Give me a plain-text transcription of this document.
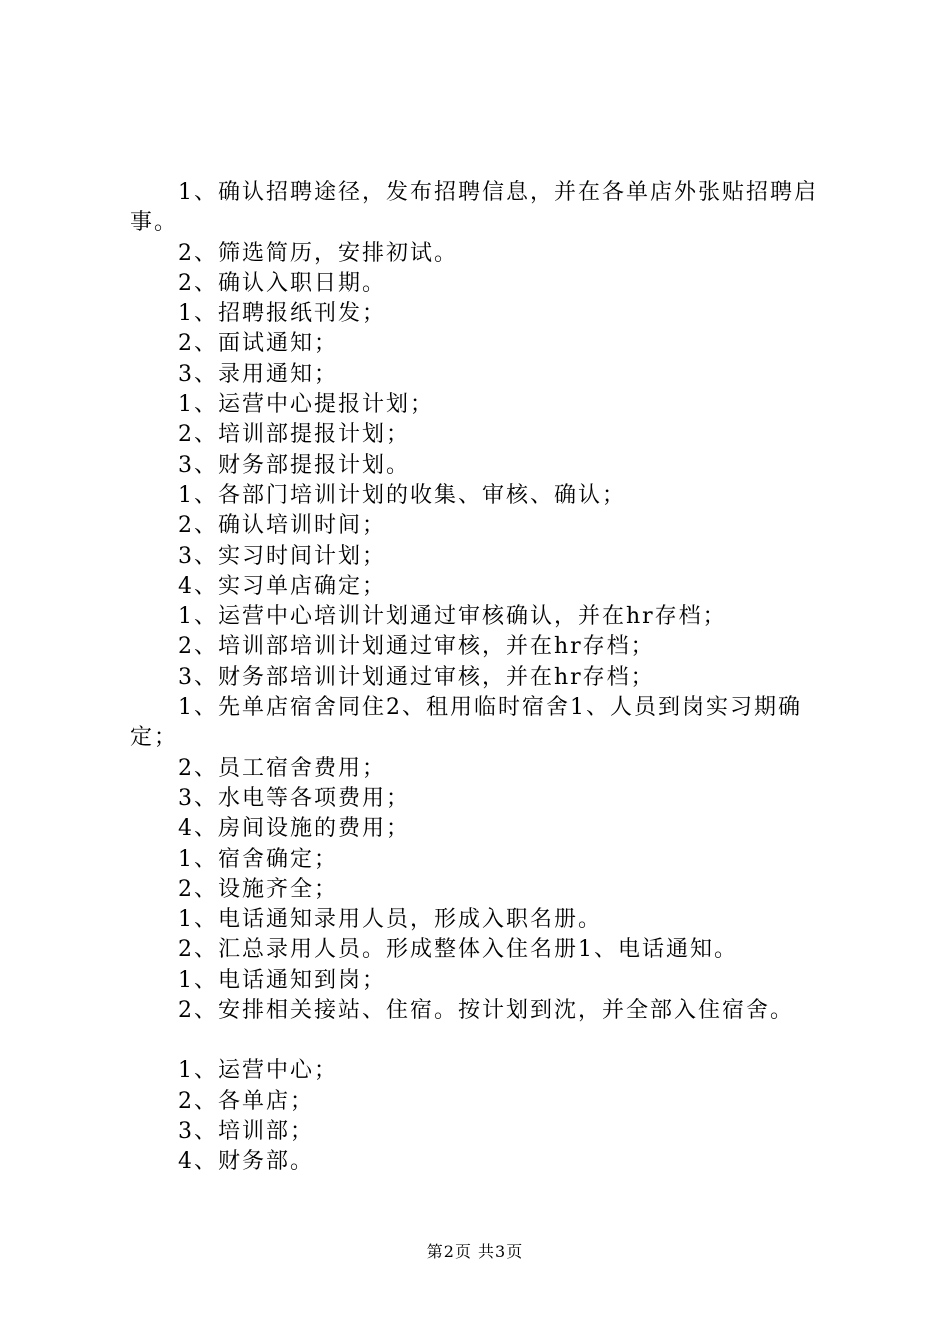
1、确认招聘途径，发布招聘信息，并在各单店外张贴招聘启事。

2、筛选简历，安排初试。

2、确认入职日期。

1、招聘报纸刊发；

2、面试通知；

3、录用通知；

1、运营中心提报计划；

2、培训部提报计划；

3、财务部提报计划。

1、各部门培训计划的收集、审核、确认；

2、确认培训时间；

3、实习时间计划；

4、实习单店确定；

1、运营中心培训计划通过审核确认，并在hr存档；

2、培训部培训计划通过审核，并在hr存档；

3、财务部培训计划通过审核，并在hr存档；

1、先单店宿舍同住2、租用临时宿舍1、人员到岗实习期确定；

2、员工宿舍费用；

3、水电等各项费用；

4、房间设施的费用；

1、宿舍确定；

2、设施齐全；

1、电话通知录用人员，形成入职名册。

2、汇总录用人员。形成整体入住名册1、电话通知。

1、电话通知到岗；

2、安排相关接站、住宿。按计划到沈，并全部入住宿舍。

1、运营中心；

2、各单店；

3、培训部；

4、财务部。

第2页 共3页
